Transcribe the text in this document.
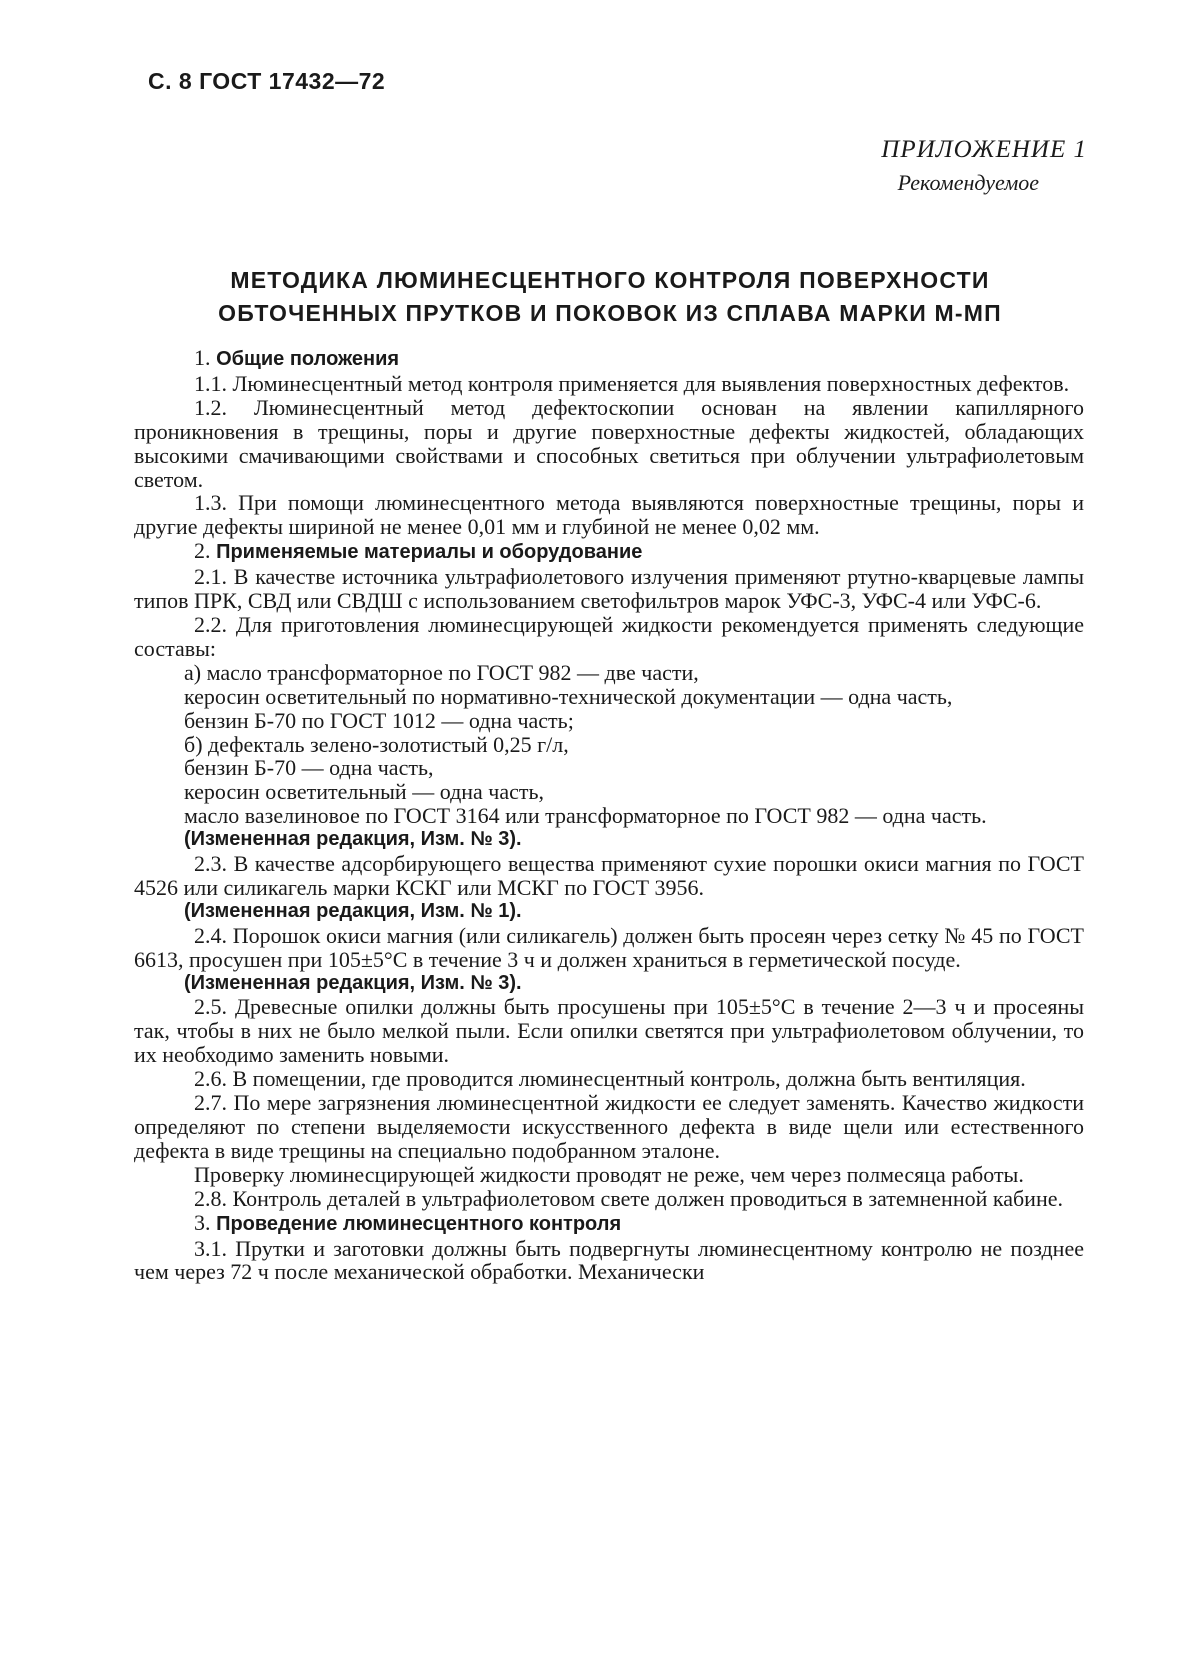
С. 8 ГОСТ 17432—72
ПРИЛОЖЕНИЕ 1
Рекомендуемое
МЕТОДИКА ЛЮМИНЕСЦЕНТНОГО КОНТРОЛЯ ПОВЕРХНОСТИ
ОБТОЧЕННЫХ ПРУТКОВ И ПОКОВОК ИЗ СПЛАВА МАРКИ М-МП
1. Общие положения

1.1. Люминесцентный метод контроля применяется для выявления поверхностных дефектов.

1.2. Люминесцентный метод дефектоскопии основан на явлении капиллярного проникновения в трещины, поры и другие поверхностные дефекты жидкостей, обладающих высокими смачивающими свойствами и способных светиться при облучении ультрафиолетовым светом.

1.3. При помощи люминесцентного метода выявляются поверхностные трещины, поры и другие дефекты шириной не менее 0,01 мм и глубиной не менее 0,02 мм.

2. Применяемые материалы и оборудование

2.1. В качестве источника ультрафиолетового излучения применяют ртутно-кварцевые лампы типов ПРК, СВД или СВДШ с использованием светофильтров марок УФС-3, УФС-4 или УФС-6.

2.2. Для приготовления люминесцирующей жидкости рекомендуется применять следующие составы:

а) масло трансформаторное по ГОСТ 982 — две части,
керосин осветительный по нормативно-технической документации — одна часть,
бензин Б-70 по ГОСТ 1012 — одна часть;
б) дефекталь зелено-золотистый 0,25 г/л,
бензин Б-70 — одна часть,
керосин осветительный — одна часть,

масло вазелиновое по ГОСТ 3164 или трансформаторное по ГОСТ 982 — одна часть.

(Измененная редакция, Изм. № 3).

2.3. В качестве адсорбирующего вещества применяют сухие порошки окиси магния по ГОСТ 4526 или силикагель марки КСКГ или МСКГ по ГОСТ 3956.

(Измененная редакция, Изм. № 1).

2.4. Порошок окиси магния (или силикагель) должен быть просеян через сетку № 45 по ГОСТ 6613, просушен при 105±5°С в течение 3 ч и должен храниться в герметической посуде.

(Измененная редакция, Изм. № 3).

2.5. Древесные опилки должны быть просушены при 105±5°С в течение 2—3 ч и просеяны так, чтобы в них не было мелкой пыли. Если опилки светятся при ультрафиолетовом облучении, то их необходимо заменить новыми.

2.6. В помещении, где проводится люминесцентный контроль, должна быть вентиляция.

2.7. По мере загрязнения люминесцентной жидкости ее следует заменять. Качество жидкости определяют по степени выделяемости искусственного дефекта в виде щели или естественного дефекта в виде трещины на специально подобранном эталоне.

Проверку люминесцирующей жидкости проводят не реже, чем через полмесяца работы.

2.8. Контроль деталей в ультрафиолетовом свете должен проводиться в затемненной кабине.

3. Проведение люминесцентного контроля

3.1. Прутки и заготовки должны быть подвергнуты люминесцентному контролю не позднее чем через 72 ч после механической обработки. Механически
